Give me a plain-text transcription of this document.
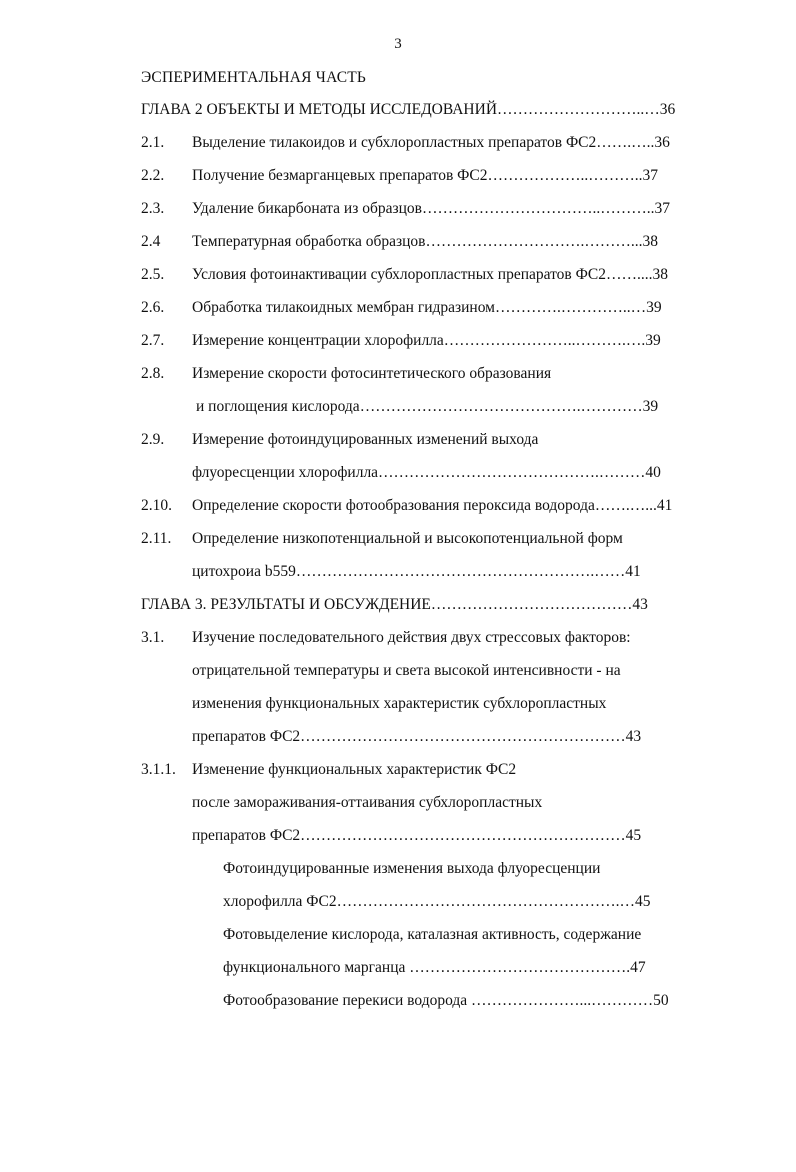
3
ЭСПЕРИМЕНТАЛЬНАЯ ЧАСТЬ
ГЛАВА 2 ОБЪЕКТЫ И МЕТОДЫ ИССЛЕДОВАНИЙ………………………..…36
2.1. Выделение тилакоидов и субхлоропластных препаратов ФС2…….…..36
2.2. Получение безмарганцевых препаратов ФС2………………..………..37
2.3. Удаление бикарбоната из образцов……………………………..………..37
2.4 Температурная обработка образцов………………………….………...38
2.5. Условия фотоинактивации субхлоропластных препаратов ФС2……....38
2.6. Обработка тилакоидных мембран гидразином………….…………..…39
2.7. Измерение концентрации хлорофилла……………………..……….….39
2.8. Измерение скорости фотосинтетического образования
и поглощения кислорода…………………………………….…………39
2.9. Измерение фотоиндуцированных изменений выхода
флуоресценции хлорофилла…………………………………….………40
2.10. Определение скорости фотообразования пероксида водорода…….…...41
2.11. Определение низкопотенциальной и высокопотенциальной форм
цитохроиа b559………………………………………………….……41
ГЛАВА 3. РЕЗУЛЬТАТЫ И ОБСУЖДЕНИЕ…………………………………43
3.1. Изучение последовательного действия двух стрессовых факторов:
отрицательной температуры и света высокой интенсивности - на
изменения функциональных характеристик субхлоропластных
препаратов ФС2………………………………………………………43
3.1.1. Изменение функциональных характеристик ФС2
после замораживания-оттаивания субхлоропластных
препаратов ФС2………………………………………………………45
Фотоиндуцированные изменения выхода флуоресценции
хлорофилла ФС2……………………………………………….…45
Фотовыделение кислорода, каталазная активность, содержание
функционального марганца …………………………………….47
Фотообразование перекиси водорода …………………...…………50
